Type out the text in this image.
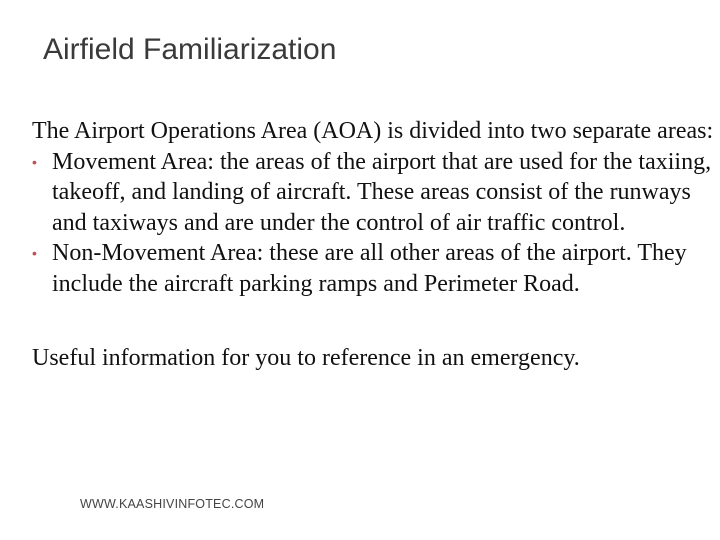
Airfield Familiarization

The Airport Operations Area (AOA) is divided into two separate areas:

• Movement Area: the areas of the airport that are used for the taxiing, takeoff, and landing of aircraft. These areas consist of the runways and taxiways and are under the control of air traffic control.
• Non-Movement Area: these are all other areas of the airport. They include the aircraft parking ramps and Perimeter Road.

Useful information for you to reference in an emergency.

WWW.KAASHIVINFOTEC.COM
